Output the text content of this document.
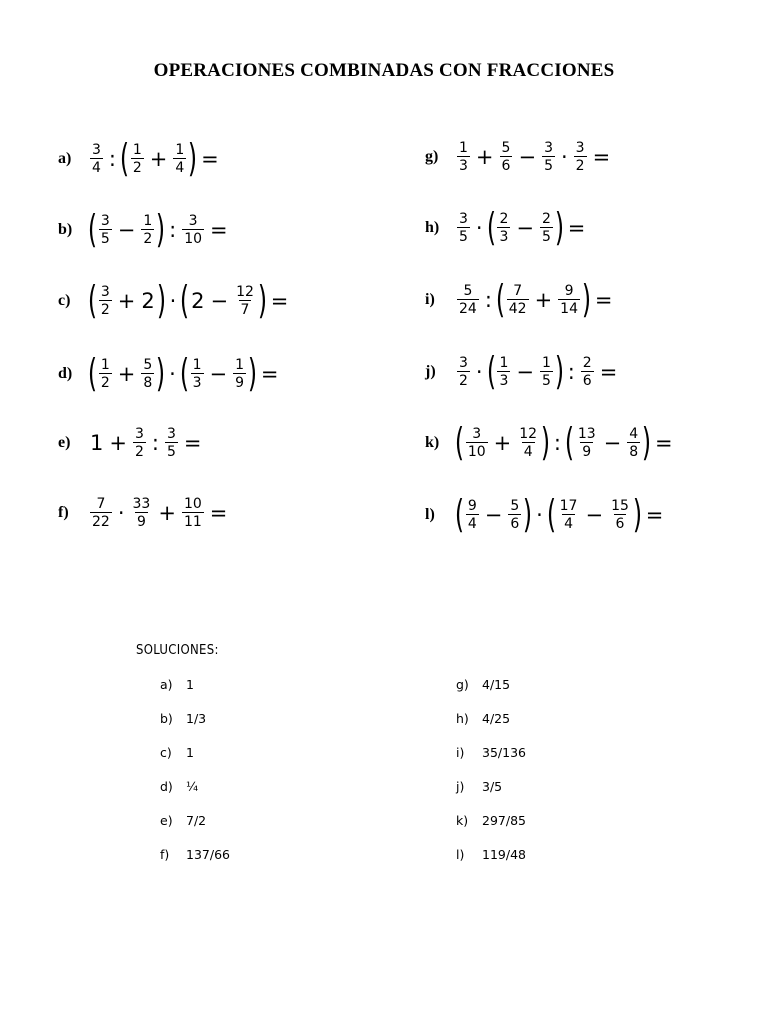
OPERACIONES COMBINADAS CON FRACCIONES
a)	$\frac{3}{4}$ : ( $\frac{1}{2} + \frac{1}{4}$ ) =
b) ( $\frac{3}{5} - \frac{1}{2}$ ) : $\frac{3}{10}$ =
c) ( $\frac{3}{2} + 2$ ) · ( $2 - \frac{12}{7}$ ) =
d) ( $\frac{1}{2} + \frac{5}{8}$ ) · ( $\frac{1}{3} - \frac{1}{9}$ ) =
e) $1 + \frac{3}{2}$ : $\frac{3}{5}$ =
f)	$\frac{7}{22} \cdot \frac{33}{9} + \frac{10}{11}$ =
g)	$\frac{1}{3} + \frac{5}{6} - \frac{3}{5} \cdot \frac{3}{2}$ =
h)	$\frac{3}{5}$ · ( $\frac{2}{3} - \frac{2}{5}$ ) =
i)	$\frac{5}{24}$ : ( $\frac{7}{42} + \frac{9}{14}$ ) =
j)	$\frac{3}{2}$ · ( $\frac{1}{3} - \frac{1}{5}$ ) : $\frac{2}{6}$ =
k) ( $\frac{3}{10} + \frac{12}{4}$ ) : ( $\frac{13}{9} - \frac{4}{8}$ ) =
l) ( $\frac{9}{4} - \frac{5}{6}$ ) · ( $\frac{17}{4} - \frac{15}{6}$ ) =
SOLUCIONES:
a)	1
b)	1/3
c)	1
d)	¼
e)	7/2
f)	137/66
g)	4/15
h)	4/25
i)	35/136
j)	3/5
k)	297/85
l)	119/48
